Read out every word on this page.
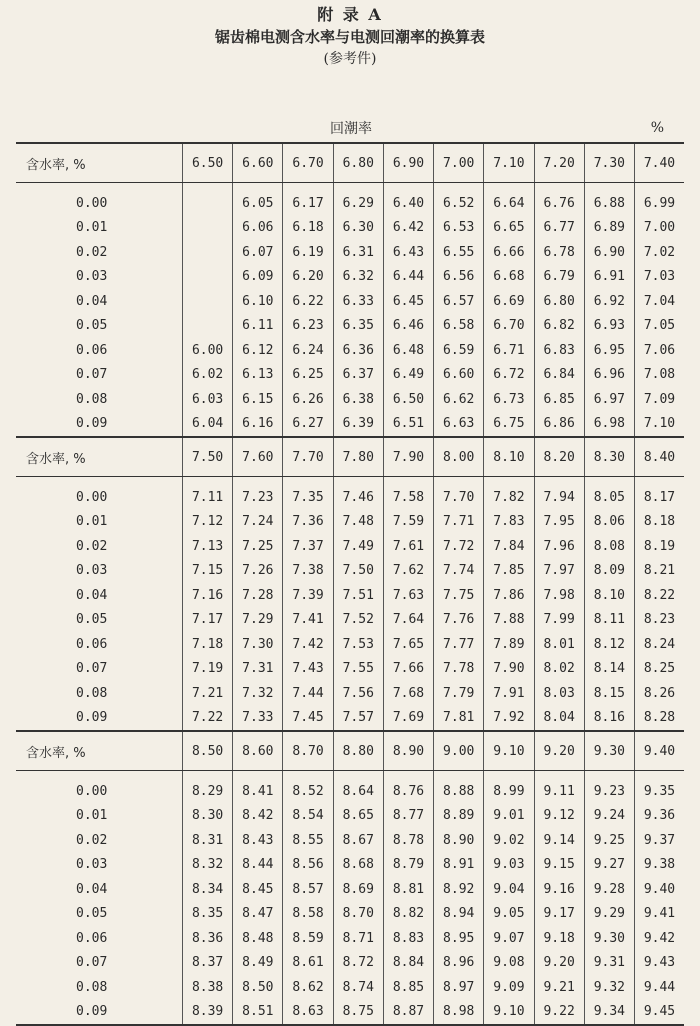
附 录 A
锯齿棉电测含水率与电测回潮率的换算表
(参考件)
回潮率	%
含水率, %	6.50	6.60	6.70	6.80	6.90	7.00	7.10	7.20	7.30	7.40

0.00		6.05	6.17	6.29	6.40	6.52	6.64	6.76	6.88	6.99
0.01		6.06	6.18	6.30	6.42	6.53	6.65	6.77	6.89	7.00
0.02		6.07	6.19	6.31	6.43	6.55	6.66	6.78	6.90	7.02
0.03		6.09	6.20	6.32	6.44	6.56	6.68	6.79	6.91	7.03
0.04		6.10	6.22	6.33	6.45	6.57	6.69	6.80	6.92	7.04
0.05		6.11	6.23	6.35	6.46	6.58	6.70	6.82	6.93	7.05
0.06	6.00	6.12	6.24	6.36	6.48	6.59	6.71	6.83	6.95	7.06
0.07	6.02	6.13	6.25	6.37	6.49	6.60	6.72	6.84	6.96	7.08
0.08	6.03	6.15	6.26	6.38	6.50	6.62	6.73	6.85	6.97	7.09
0.09	6.04	6.16	6.27	6.39	6.51	6.63	6.75	6.86	6.98	7.10
含水率, %	7.50	7.60	7.70	7.80	7.90	8.00	8.10	8.20	8.30	8.40

0.00	7.11	7.23	7.35	7.46	7.58	7.70	7.82	7.94	8.05	8.17
0.01	7.12	7.24	7.36	7.48	7.59	7.71	7.83	7.95	8.06	8.18
0.02	7.13	7.25	7.37	7.49	7.61	7.72	7.84	7.96	8.08	8.19
0.03	7.15	7.26	7.38	7.50	7.62	7.74	7.85	7.97	8.09	8.21
0.04	7.16	7.28	7.39	7.51	7.63	7.75	7.86	7.98	8.10	8.22
0.05	7.17	7.29	7.41	7.52	7.64	7.76	7.88	7.99	8.11	8.23
0.06	7.18	7.30	7.42	7.53	7.65	7.77	7.89	8.01	8.12	8.24
0.07	7.19	7.31	7.43	7.55	7.66	7.78	7.90	8.02	8.14	8.25
0.08	7.21	7.32	7.44	7.56	7.68	7.79	7.91	8.03	8.15	8.26
0.09	7.22	7.33	7.45	7.57	7.69	7.81	7.92	8.04	8.16	8.28
含水率, %	8.50	8.60	8.70	8.80	8.90	9.00	9.10	9.20	9.30	9.40

0.00	8.29	8.41	8.52	8.64	8.76	8.88	8.99	9.11	9.23	9.35
0.01	8.30	8.42	8.54	8.65	8.77	8.89	9.01	9.12	9.24	9.36
0.02	8.31	8.43	8.55	8.67	8.78	8.90	9.02	9.14	9.25	9.37
0.03	8.32	8.44	8.56	8.68	8.79	8.91	9.03	9.15	9.27	9.38
0.04	8.34	8.45	8.57	8.69	8.81	8.92	9.04	9.16	9.28	9.40
0.05	8.35	8.47	8.58	8.70	8.82	8.94	9.05	9.17	9.29	9.41
0.06	8.36	8.48	8.59	8.71	8.83	8.95	9.07	9.18	9.30	9.42
0.07	8.37	8.49	8.61	8.72	8.84	8.96	9.08	9.20	9.31	9.43
0.08	8.38	8.50	8.62	8.74	8.85	8.97	9.09	9.21	9.32	9.44
0.09	8.39	8.51	8.63	8.75	8.87	8.98	9.10	9.22	9.34	9.45
